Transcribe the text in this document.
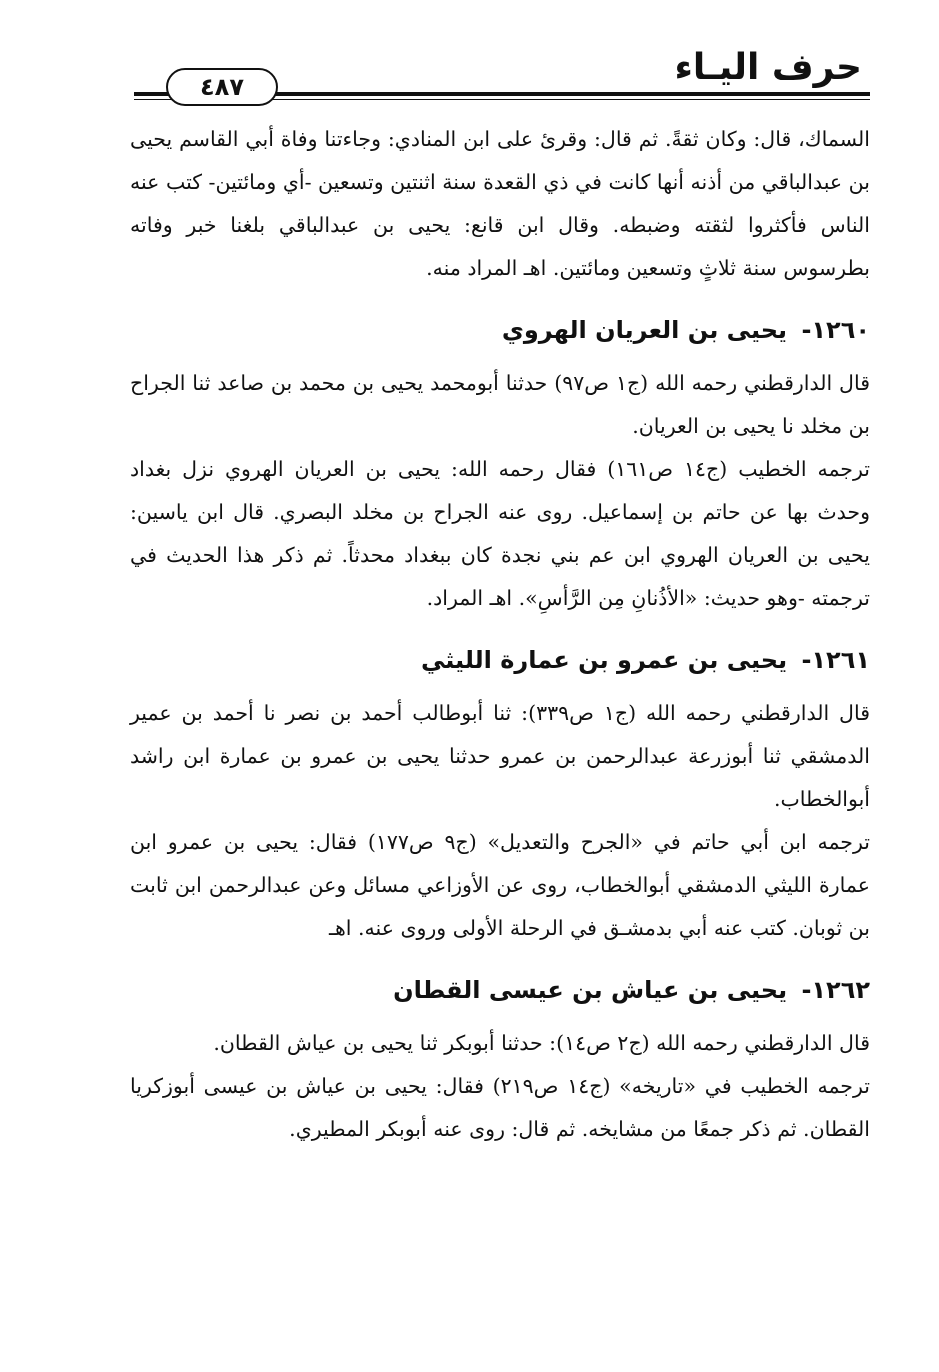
حرف اليـاء
٤٨٧

السماك، قال: وكان ثقةً. ثم قال: وقرئ على ابن المنادي: وجاءتنا وفاة أبي القاسم يحيى بن عبدالباقي من أذنه أنها كانت في ذي القعدة سنة اثنتين وتسعين -أي ومائتين- كتب عنه الناس فأكثروا لثقته وضبطه. وقال ابن قانع: يحيى بن عبدالباقي بلغنا خبر وفاته بطرسوس سنة ثلاثٍ وتسعين ومائتين. اهـ المراد منه.

١٢٦٠- يحيى بن العريان الهروي

قال الدارقطني رحمه الله (ج١ ص٩٧) حدثنا أبومحمد يحيى بن محمد بن صاعد ثنا الجراح بن مخلد نا يحيى بن العريان.

ترجمه الخطيب (ج١٤ ص١٦١) فقال رحمه الله: يحيى بن العريان الهروي نزل بغداد وحدث بها عن حاتم بن إسماعيل. روى عنه الجراح بن مخلد البصري. قال ابن ياسين: يحيى بن العريان الهروي ابن عم بني نجدة كان ببغداد محدثاً. ثم ذكر هذا الحديث في ترجمته -وهو حديث: «الأذُنانِ مِن الرَّأسِ». اهـ المراد.

١٢٦١- يحيى بن عمرو بن عمارة الليثي

قال الدارقطني رحمه الله (ج١ ص٣٣٩): ثنا أبوطالب أحمد بن نصر نا أحمد بن عمير الدمشقي ثنا أبوزرعة عبدالرحمن بن عمرو حدثنا يحيى بن عمرو بن عمارة ابن راشد أبوالخطاب.

ترجمه ابن أبي حاتم في «الجرح والتعديل» (ج٩ ص١٧٧) فقال: يحيى بن عمرو ابن عمارة الليثي الدمشقي أبوالخطاب، روى عن الأوزاعي مسائل وعن عبدالرحمن ابن ثابت بن ثوبان. كتب عنه أبي بدمشـق في الرحلة الأولى وروى عنه. اهـ

١٢٦٢- يحيى بن عياش بن عيسى القطان

قال الدارقطني رحمه الله (ج٢ ص١٤): حدثنا أبوبكر ثنا يحيى بن عياش القطان.

ترجمه الخطيب في «تاريخه» (ج١٤ ص٢١٩) فقال: يحيى بن عياش بن عيسى أبوزكريا القطان. ثم ذكر جمعًا من مشايخه. ثم قال: روى عنه أبوبكر المطيري.
